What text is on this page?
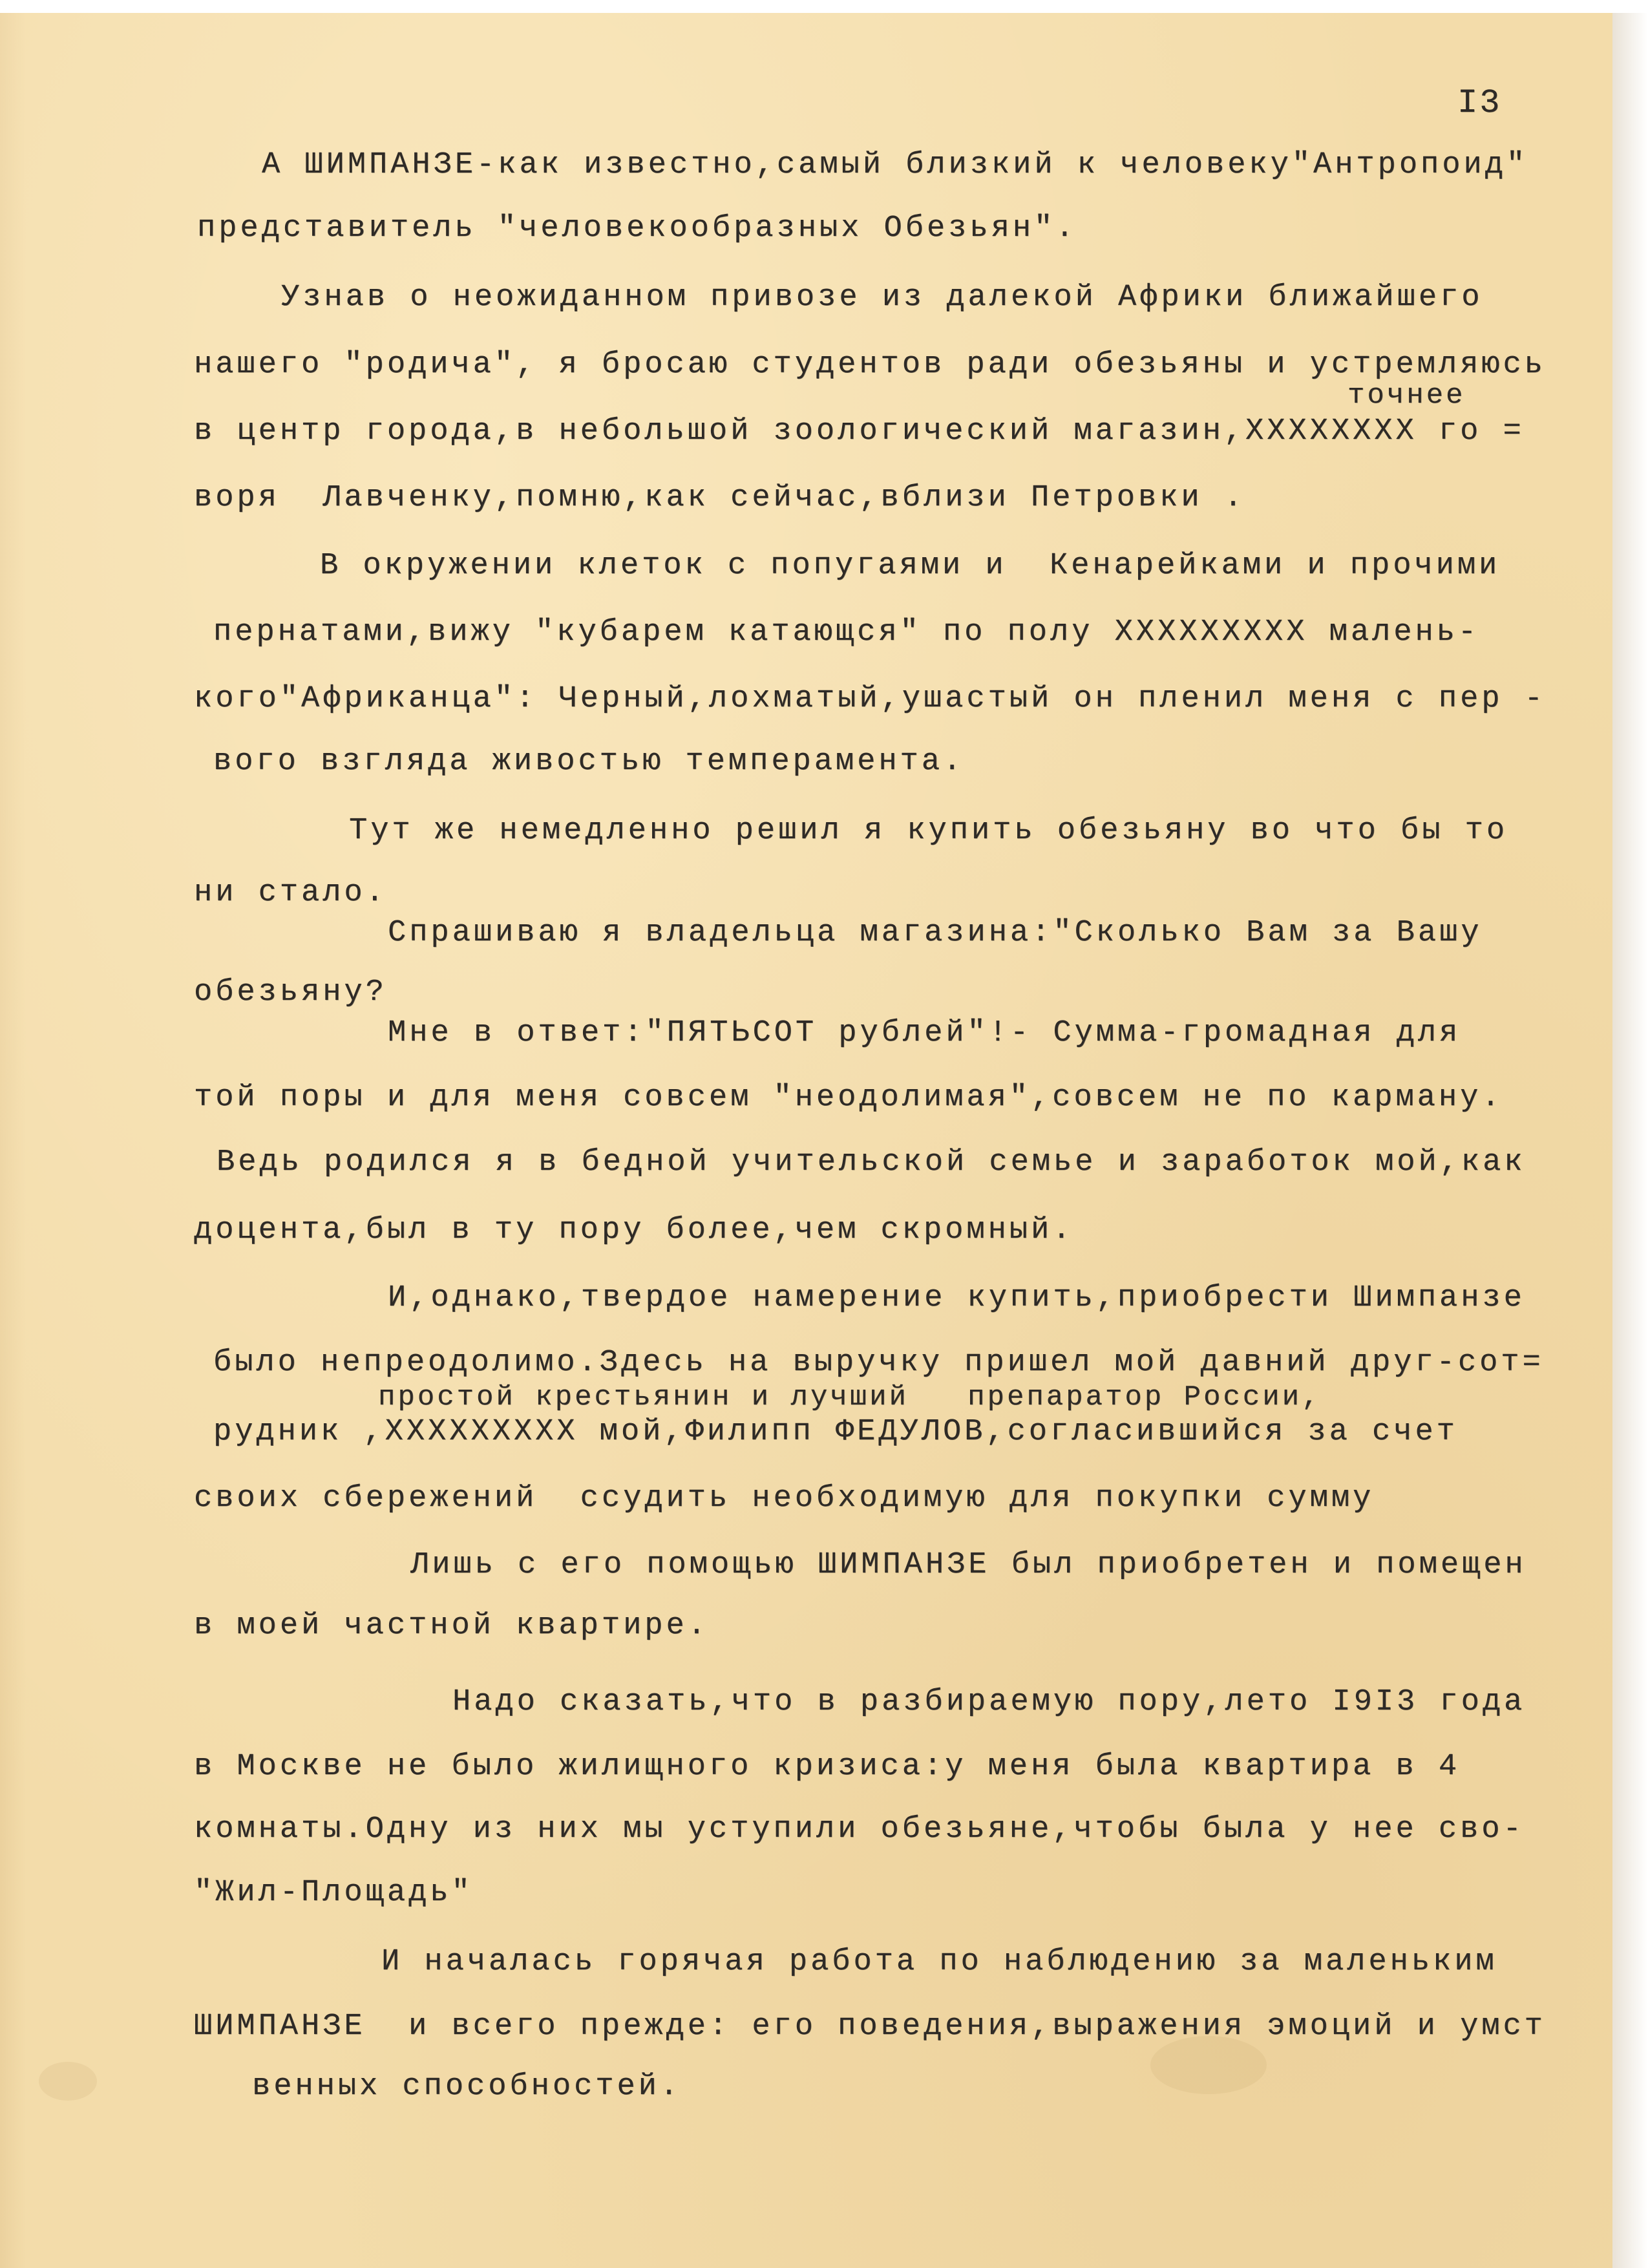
I3

А ШИМПАНЗЕ-как известно,самый близкий к человеку"Антропоид"

представитель "человекообразных Обезьян".

Узнав о неожиданном привозе из далекой Африки ближайшего

нашего "родича", я бросаю студентов ради обезьяны и устремляюсь

точнее

в центр города,в небольшой зоологический магазин,ХХХХХХХХ го =

воря  Лавченку,помню,как сейчас,вблизи Петровки .

В окружении клеток с попугаями и  Кенарейками и прочими

пернатами,вижу "кубарем катающся" по полу ХХХХХХХХХ малень-

кого"Африканца": Черный,лохматый,ушастый он пленил меня с пер -

вого взгляда живостью темперамента.

Тут же немедленно решил я купить обезьяну во что бы то

ни стало.

Спрашиваю я владельца магазина:"Сколько Вам за Вашу

обезьяну?

Мне в ответ:"ПЯТЬСОТ рублей"!- Сумма-громадная для

той поры и для меня совсем "неодолимая",совсем не по карману.

Ведь родился я в бедной учительской семье и заработок мой,как

доцента,был в ту пору более,чем скромный.

И,однако,твердое намерение купить,приобрести Шимпанзе

было непреодолимо.Здесь на выручку пришел мой давний друг-сот=

простой крестьянин и лучший   препаратор России,

рудник ,ХХХХХХХХХ мой,Филипп ФЕДУЛОВ,согласившийся за счет

своих сбережений  ссудить необходимую для покупки сумму

Лишь с его помощью ШИМПАНЗЕ был приобретен и помещен

в моей частной квартире.

Надо сказать,что в разбираемую пору,лето I9I3 года

в Москве не было жилищного кризиса:у меня была квартира в 4

комнаты.Одну из них мы уступили обезьяне,чтобы была у нее сво-

"Жил-Площадь"

И началась горячая работа по наблюдению за маленьким

ШИМПАНЗЕ  и всего прежде: его поведения,выражения эмоций и умст

венных способностей.
